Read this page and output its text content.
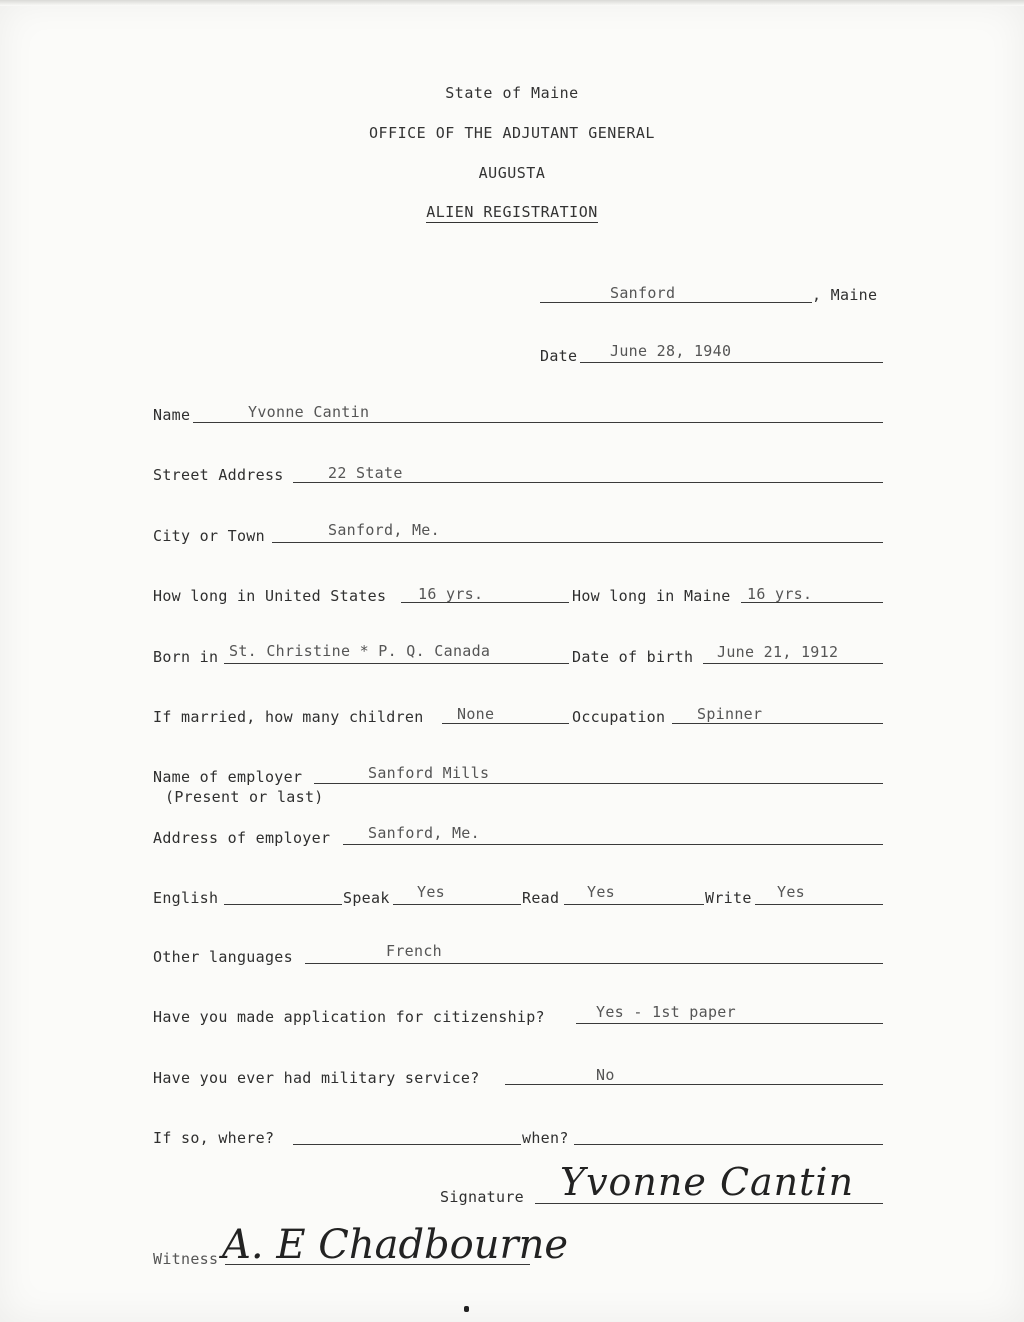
State of Maine
OFFICE OF THE ADJUTANT GENERAL
AUGUSTA
ALIEN REGISTRATION
Sanford	, Maine
Date June 28, 1940
Name	Yvonne Cantin
Street Address	22 State
City or Town	Sanford, Me.
How long in United States 16 yrs.	How long in Maine 16 yrs.
Born in St. Christine * P. Q. Canada	Date of birth June 21, 1912
If married, how many children None	Occupation Spinner
Name of employer	Sanford Mills
(Present or last)
Address of employer	Sanford, Me.
English	Speak Yes	Read Yes	Write Yes
Other languages	French
Have you made application for citizenship?	Yes - 1st paper
Have you ever had military service?	No
If so, where?	when?
Signature Yvonne Cantin
Witness A. E Chadbourne
